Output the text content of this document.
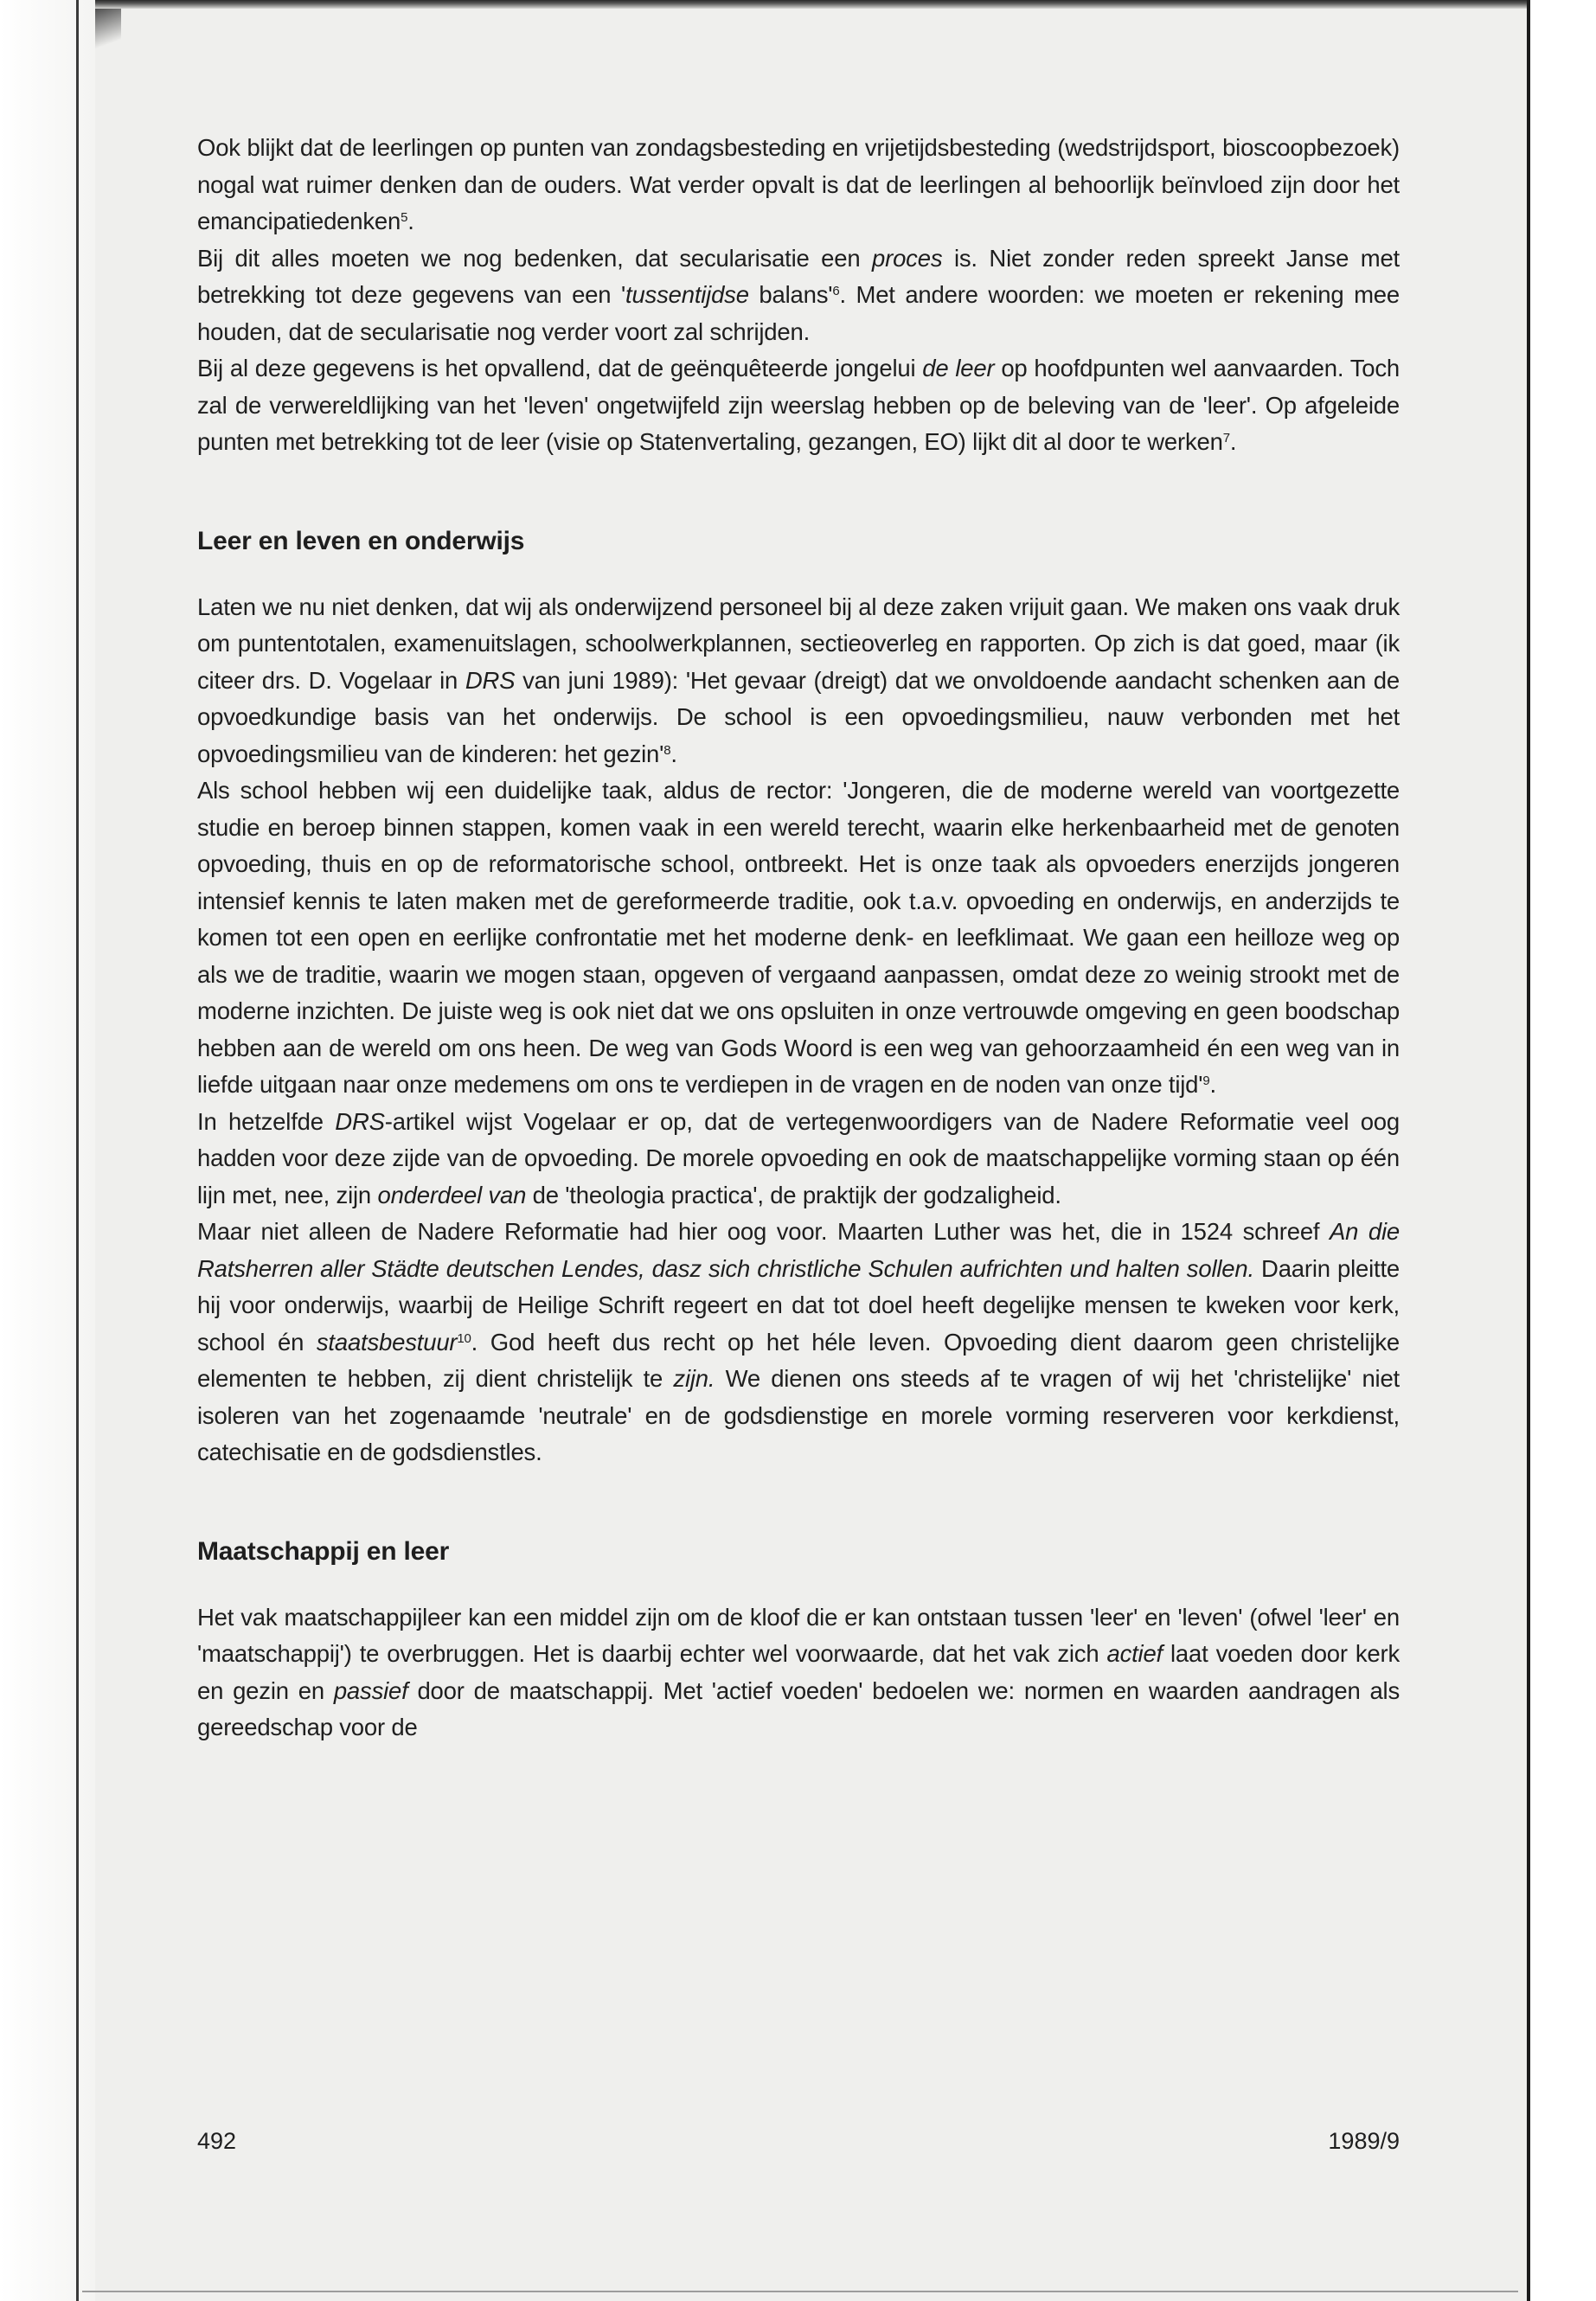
Ook blijkt dat de leerlingen op punten van zondagsbesteding en vrijetijdsbesteding (wedstrijdsport, bioscoopbezoek) nogal wat ruimer denken dan de ouders. Wat verder opvalt is dat de leerlingen al behoorlijk beïnvloed zijn door het emancipatiedenken$^5$.

Bij dit alles moeten we nog bedenken, dat secularisatie een proces is. Niet zonder reden spreekt Janse met betrekking tot deze gegevens van een 'tussentijdse $balans'^6$. Met andere woorden: we moeten er rekening mee houden, dat de secularisatie nog verder voort zal schrijden.

Bij al deze gegevens is het opvallend, dat de geënquêteerde jongelui de leer op hoofdpunten wel aanvaarden. Toch zal de verwereldlijking van het 'leven' ongetwijfeld zijn weerslag hebben op de beleving van de 'leer'. Op afgeleide punten met betrekking tot de leer (visie op Statenvertaling, gezangen, EO) lijkt dit al door te werken$^7$.

Leer en leven en onderwijs

Laten we nu niet denken, dat wij als onderwijzend personeel bij al deze zaken vrijuit gaan. We maken ons vaak druk om puntentotalen, examenuitslagen, schoolwerkplannen, sectieoverleg en rapporten. Op zich is dat goed, maar (ik citeer drs. D. Vogelaar in DRS van juni 1989): 'Het gevaar (dreigt) dat we onvoldoende aandacht schenken aan de opvoedkundige basis van het onderwijs. De school is een opvoedingsmilieu, nauw verbonden met het opvoedingsmilieu van de kinderen: het $gezin'^8$.

Als school hebben wij een duidelijke taak, aldus de rector: 'Jongeren, die de moderne wereld van voortgezette studie en beroep binnen stappen, komen vaak in een wereld terecht, waarin elke herkenbaarheid met de genoten opvoeding, thuis en op de reformatorische school, ontbreekt. Het is onze taak als opvoeders enerzijds jongeren intensief kennis te laten maken met de gereformeerde traditie, ook t.a.v. opvoeding en onderwijs, en anderzijds te komen tot een open en eerlijke confrontatie met het moderne denk- en leefklimaat. We gaan een heilloze weg op als we de traditie, waarin we mogen staan, opgeven of vergaand aanpassen, omdat deze zo weinig strookt met de moderne inzichten. De juiste weg is ook niet dat we ons opsluiten in onze vertrouwde omgeving en geen boodschap hebben aan de wereld om ons heen. De weg van Gods Woord is een weg van gehoorzaamheid én een weg van in liefde uitgaan naar onze medemens om ons te verdiepen in de vragen en de noden van onze $tijd'^9$.

In hetzelfde DRS-artikel wijst Vogelaar er op, dat de vertegenwoordigers van de Nadere Reformatie veel oog hadden voor deze zijde van de opvoeding. De morele opvoeding en ook de maatschappelijke vorming staan op één lijn met, nee, zijn onderdeel van de 'theologia practica', de praktijk der godzaligheid.

Maar niet alleen de Nadere Reformatie had hier oog voor. Maarten Luther was het, die in 1524 schreef An die Ratsherren aller Städte deutschen Lendes, dasz sich christliche Schulen aufrichten und halten sollen. Daarin pleitte hij voor onderwijs, waarbij de Heilige Schrift regeert en dat tot doel heeft degelijke mensen te kweken voor kerk, school én staatsbestuur$^{10}$. God heeft dus recht op het héle leven. Opvoeding dient daarom geen christelijke elementen te hebben, zij dient christelijk te zijn. We dienen ons steeds af te vragen of wij het 'christelijke' niet isoleren van het zogenaamde 'neutrale' en de godsdienstige en morele vorming reserveren voor kerkdienst, catechisatie en de godsdienstles.

Maatschappij en leer

Het vak maatschappijleer kan een middel zijn om de kloof die er kan ontstaan tussen 'leer' en 'leven' (ofwel 'leer' en 'maatschappij') te overbruggen. Het is daarbij echter wel voorwaarde, dat het vak zich actief laat voeden door kerk en gezin en passief door de maatschappij. Met 'actief voeden' bedoelen we: normen en waarden aandragen als gereedschap voor de

492	1989/9
